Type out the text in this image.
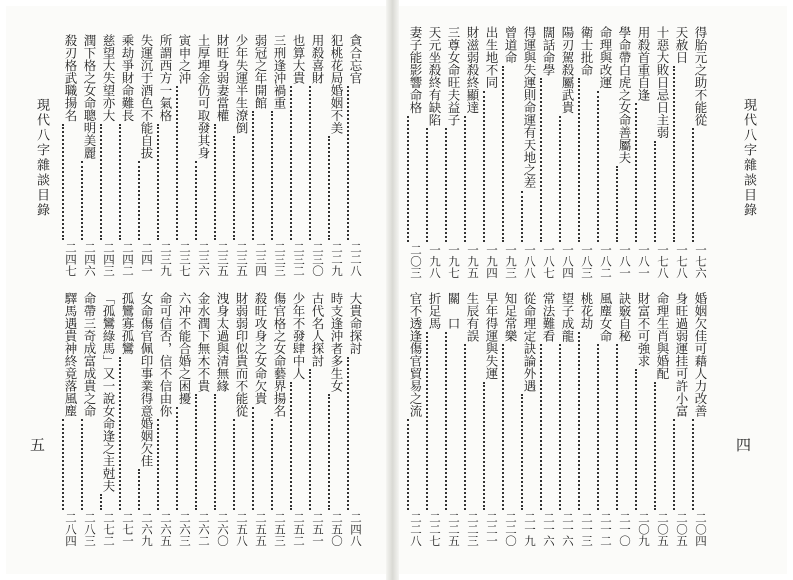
現代八字雜談目錄
五
貪合忘官
二二八
犯桃花局婚姻不美
二二九
用殺喜財
二三〇
也算大貴
二三二
三刑逢沖禍重
二三三
弱冠之年開館
二三四
少年失運半生潦倒
二三五
財旺身弱妻當權
二三五
土厚埋金仍可取發其身
二三六
寅申之沖
二三七
所謂西方一氣格
二三九
失運沉于酒色不能自拔
二四一
乘劫爭財命難長
二四二
慈望大失望亦大
二四三
潤下格之女命聰明美麗
二四六
殺刃格武職揚名
二四七
大貴命探討
二四八
時支逢沖者多生女
二五〇
古代名人探討
二五一
少年不發肆中人
二五二
傷官格之女命藝界揚名
二五三
殺旺攻身之女命欠貴
二五五
財弱弱印似貴而不能從
二五八
洩身太過與清無緣
二六〇
金水潤下無木不貴
二六二
六冲不能合婚之困擾
二六三
命可信否，信不信由你
二六五
女命傷官佩印事業得意婚姻欠佳
二六九
孤鸞寡孤鸞
二七一
「孤鸞綠馬」又一說女命逢之主尅夫
二七二
命帶三奇成富成貴之命
二八三
驛馬遇貴神終竟落風塵
二八四
得胎元之助不能從
一七六
天赦日
一七八
十惡大敗日忌日主弱
一七八
用殺首重自逢
一八一
學命帶白虎之女命善屬夫
一八一
命理與改運
一八二
衛士批命
一八三
陽刃駕殺屬武貴
一八四
闊話命學
一八七
得運與失運則命運有天地之差
一八八
曾道命
一九三
出生地不同
一九四
財滋弱殺終顯達
一九五
三尊女命旺夫益子
一九七
天元坐殺終有缺陷
一九八
妻子能影響命格
二〇三
婚姻欠佳可藉人力改善
二〇四
身旺過弱運挂可許小富
二〇五
命理生肖與婚配
二〇五
財富不可強求
二〇九
訣竅自秘
二一〇
風塵女命
二一二
桃花劫
二一三
望子成龍
二一六
常法難看
二一六
從命理定訣論外遇
二一九
知足常樂
二二〇
早年得運與失運
二二一
生辰有誤
二二三
關　口
二二五
折足馬
二二七
官不透逢傷官貿易之流
二二八
現代八字雜談目錄
四
